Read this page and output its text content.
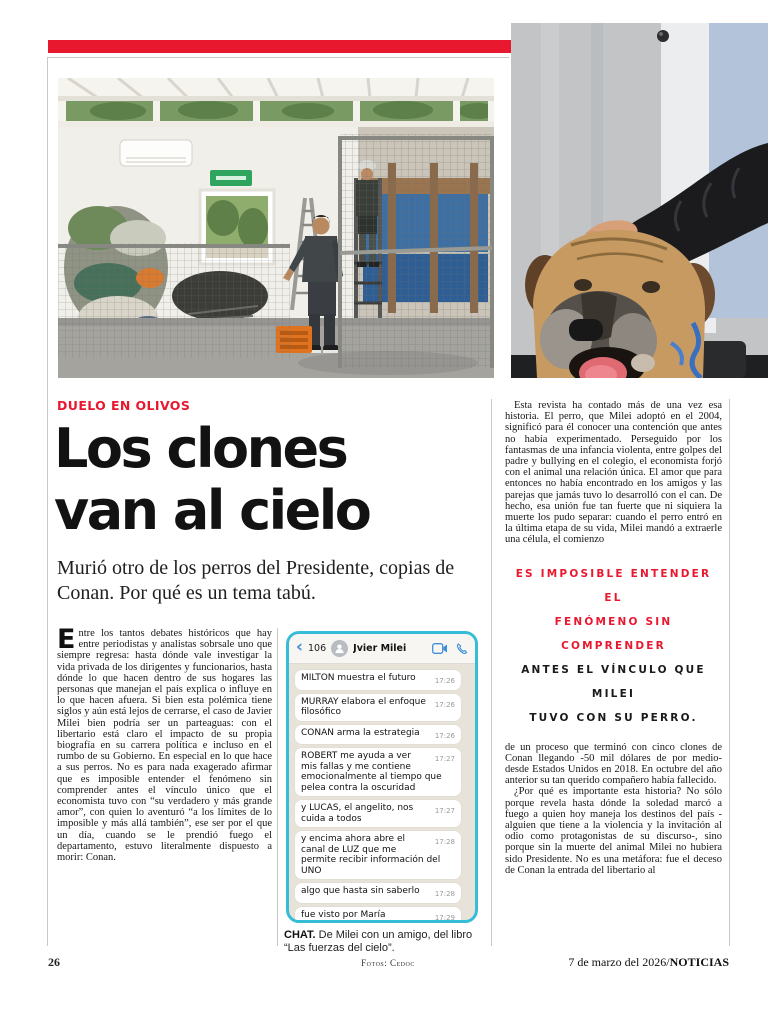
DUELO EN OLIVOS
Los clones
van al cielo
Murió otro de los perros del Presidente, copias de Conan. Por qué es un tema tabú.

Entre los tantos debates históricos que hay entre periodistas y analistas sobrsale uno que siempre regresa: hasta dónde vale investigar la vida privada de los dirigentes y funcionarios, hasta dónde lo que hacen dentro de sus hogares las personas que manejan el país explica o influye en lo que hacen afuera. Si bien esta polémica tiene siglos y aún está lejos de cerrarse, el caso de Javier Milei bien podría ser un parteaguas: con el libertario está claro el impacto de su propia biografía en su carrera política e incluso en el rumbo de su Gobierno. En especial en lo que hace a sus perros. No es para nada exagerado afirmar que es imposible entender el fenómeno sin comprender antes el vínculo único que el economista tuvo con “su verdadero y más grande amor”, con quien lo aventuró “a los límites de lo imposible y más allá también”, ese ser por el que un día, cuando se le prendió fuego el departamento, estuvo literalmente dispuesto a morir: Conan.

Esta revista ha contado más de una vez esa historia. El perro, que Milei adoptó en el 2004, significó para él conocer una contención que antes no había experimentado. Perseguido por los fantasmas de una infancia violenta, entre golpes del padre y bullying en el colegio, el economista forjó con el animal una relación única. El amor que para entonces no había encontrado en los amigos y las parejas que jamás tuvo lo desarrolló con el can. De hecho, esa unión fue tan fuerte que ni siquiera la muerte los pudo separar: cuando el perro entró en la última etapa de su vida, Milei mandó a extraerle una célula, el comienzo

ES IMPOSIBLE ENTENDER EL
FENÓMENO SIN COMPRENDER
ANTES EL VÍNCULO QUE MILEI
TUVO CON SU PERRO.

de un proceso que terminó con cinco clones de Conan llegando -50 mil dólares de por medio- desde Estados Unidos en 2018. En octubre del año anterior su tan querido compañero había fallecido.

¿Por qué es importante esta historia? No sólo porque revela hasta dónde la soledad marcó a fuego a quien hoy maneja los destinos del país -alguien que tiene a la violencia y la invitación al odio como protagonistas de su discurso-, sino porque sin la muerte del animal Milei no hubiera sido Presidente. No es una metáfora: fue el deceso de Conan la entrada del libertario al

‹ 106	Jvier Milei
17:26
MILTON muestra el futuro
17:26
MURRAY elabora el enfoque filosófico
17:26
CONAN arma la estrategia
17:27
ROBERT me ayuda a ver mis fallas y me contiene emocionalmente al tiempo que pelea contra la oscuridad
17:27
y LUCAS, el angelito, nos cuida a todos
17:28
y encima ahora abre el canal de LUZ que me permite recibir información del UNO
17:28
algo que hasta sin saberlo
17:29
fue visto por María
CHAT. De Milei con un amigo, del libro “Las fuerzas del cielo”.
26	Fotos: Cedoc	7 de marzo del 2026/NOTICIAS
